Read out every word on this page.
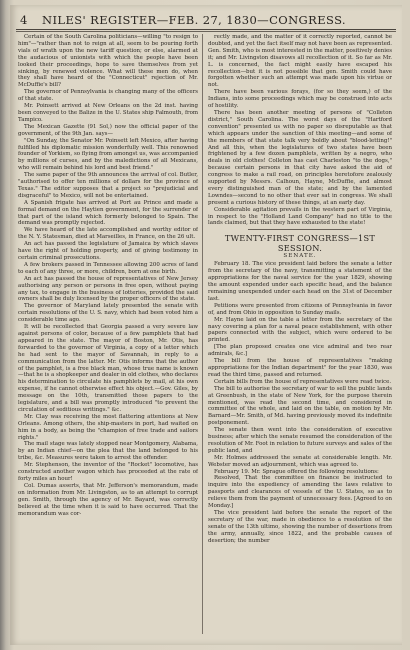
4 NILES' REGISTER—FEB. 27, 1830—CONGRESS.

Certain of the South Carolina politicians—willing "to resign to him"—"rather than not to reign at all, seem to be pouring forth vials of wrath upon the new tariff question; or else, alarmed at the audacious of unionists with which the people have been looked their proceedings, hope to save themselves from yet sinking, by renewed violence. What will these men do, when they shall have heard of the "Connecticut" rejection of Mr. McDuffie's bill?

The governor of Pennsylvania is changing many of the officers of that state.

Mr. Poinsett arrived at New Orleans on the 2d inst. having been conveyed to the Balize in the U. States ship Falmouth, from Tampico.

The Mexican Gazette (91 Sol,) now the official paper of the government, of the 9th Jan. says—

"On Sunday, the Senator Mr. Poinsett left Mexico, after having fulfilled his diplomatic mission wonderfully well. This renowned founder of Yorkism, so flying from amongst us, was accompanied by millions of curses, and by the maledictions of all Mexicans, who will remain behind his lord and best friend."

The same paper of the 9th announces the arrival of col. Butler, "authorised to offer ten millions of dollars for the province of Texas." The editor supposes that a project so "prejudicial and disgraceful" to Mexico, will not be entertained.

A Spanish frigate has arrived at Port au Prince and made a formal demand on the Haytien government, for the surrender of that part of the island which formerly belonged to Spain. The demand was promptly rejected.

We have heard of the late accomplished and worthy editor of the N. Y. Statesman, died at Marseilles, in France, on the 26 ult.

An act has passed the legislature of Jamaica by which slaves have the right of holding property, and of giving testimony in certain criminal prosecutions.

A few brokers passed in Tennessee allowing 200 acres of land to each of any three, or more, children, born at one birth.

An act has passed the house of representatives of New Jersey authorising any person or persons in free open, without paying any tax, to engage in the business of lotteries, provided the said owners shall be duly licensed by the proper officers of the state.

The governor of Maryland lately presented the senate with certain resolutions of the U. S. navy, which had been voted him a considerable time ago.

It will be recollected that Georgia passed a very severe law against persons of color, because of a few pamphlets that had appeared in the state. The mayor of Boston, Mr. Otis, has forwarded to the governor of Virginia, a copy of a letter which he had sent to the mayor of Savannah, in reply to a communication from the latter. Mr. Otis informs that the author of the pamphlet, is a free black man, whose true name is known—that he is a shopkeeper and dealer in old clothes, who declares his determination to circulate his pamphlets by mail, at his own expense, if he cannot otherwise effect his object.—Gov. Giles, by message on the 10th, transmitted those papers to the legislature, and a bill was promptly introduced "to prevent the circulation of seditious writings." &c.

Mr. Clay was receiving the most flattering attentions at New Orleans. Among others, the ship-masters in port, had waited on him in a body, as being the "champion of free trade and sailors rights."

The mail stage was lately stopped near Montgomery, Alabama, by an Indian chief—on the plea that the land belonged to his tribe, &c. Measures were taken to arrest the offender.

Mr. Stephenson, the inventor of the "Rocket" locomotive, has constructed another wagon which has proceeded at the rate of forty miles an hour!

Col. Dumas asserts, that Mr. Jefferson's memorandum, made on information from Mr. Livingston, as to an attempt to corrupt gen. Smith, through the agency of Mr. Bayard, was correctly believed at the time when it is said to have occurred. That the memorandum was cor-

rectly made, and the matter of it correctly reported, cannot be doubted, and yet the fact itself may not have been as represented. Gen. Smith, who is most interested in the matter, positively denies it; and Mr. Livingston disavows all recollection of it. So far as Mr. L. is concerned, the fact might easily have escaped his recollection—but it is not possible that gen. Smith could have forgotten whether such an attempt was made upon his virtue or not.

There have been various forays, (for so they seem,) of the Indians, into some proceedings which may be construed into acts of hostility.

There has been another meeting of persons of "Colleton district," South Carolina. The worst days of the "Hartford convention" presented us with no paper so disreputable as that which appears under the sanction of this meeting—and some of the members of that state talk very boldly about "blood-letting!" And all this, when the legislatures of two states have been frightened by a few dozen pamphlets, written by a negro, who deals in old clothes! Colleton has cast Charleston "to the dogs," because certain persons in that city have asked the aid of congress to make a rail road, on principles heretofore zealously supported by Messrs. Calhoun, Hayne, McDuffie, and almost every distinguished man of the state; and by the lamented Lowndes—second to no other that ever sat in congress. We shall present a curious history of these things, at an early day.

Considerable agitation prevails in the western part of Virginia, in respect to the "Holland Land Company" had no title to the lands claimed, but that they have exhausted to the state!

TWENTY-FIRST CONGRESS—1ST SESSION.
SENATE.

February 18. The vice president laid before the senate a letter from the secretary of the navy, transmitting a statement of the appropriations for the naval service for the year 1829, showing the amount expended under each specific head, and the balance remaining unexpended under each head on the 31st of December last.

Petitions were presented from citizens of Pennsylvania in favor of, and from Ohio in opposition to Sunday mails.

Mr. Hayne laid on the table a letter from the secretary of the navy covering a plan for a naval peace establishment, with other papers connected with the subject, which were ordered to be printed.

[The plan proposed creates one vice admiral and two rear admirals, &c.]

The bill from the house of representatives "making appropriations for the Indian department" for the year 1830, was read the third time, passed and returned.

Certain bills from the house of representatives were read twice.

The bill to authorise the secretary of war to sell the public lands at Greenbush, in the state of New York, for the purpose therein mentioned, was read the second time, and considered in committee of the whole, and laid on the table, on motion by Mr. Barnard—Mr. Smith, of Md. having previously moved its indefinite postponement.

The senate then went into the consideration of executive business; after which the senate resumed the consideration of the resolution of Mr. Foot in relation to future surveys and sales of the public land, and

Mr. Holmes addressed the senate at considerable length. Mr. Webster moved an adjournment, which was agreed to.

February 19. Mr. Sprague offered the following resolutions:

Resolved, That the committee on finance be instructed to inquire into the expediency of amending the laws relative to passports and clearances of vessels of the U. States, so as to relieve them from the payment of unnecessary fees. [Agreed to on Monday.]

The vice president laid before the senate the report of the secretary of the war, made in obedience to a resolution of the senate of the 13th ultimo, showing the number of desertions from the army, annually, since 1822, and the probable causes of desertion; the number
